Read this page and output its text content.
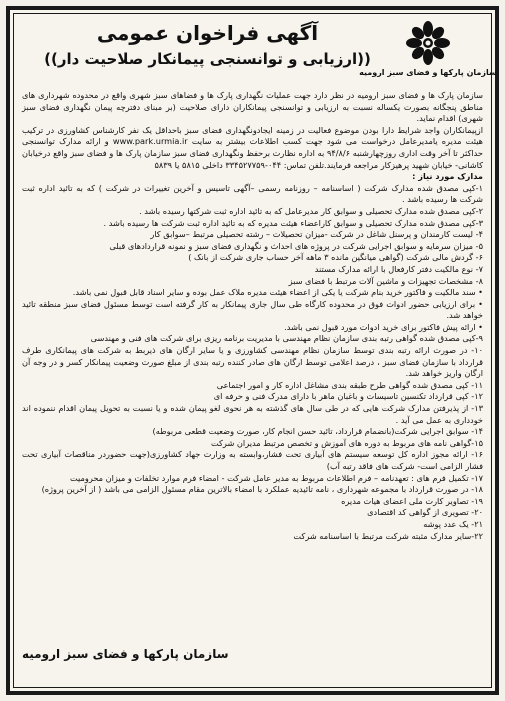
سازمان پارکها و فضای سبز ارومیه
آگهی فراخوان عمومی
((ارزیابی و توانسنجی پیمانکار صلاحیت دار))

سازمان پارک ها و فضای سبز ارومیه در نظر دارد جهت عملیات نگهداری پارک ها و فضاهای سبز شهری واقع در محدوده شهرداری های مناطق پنجگانه بصورت یکساله نسبت به ارزیابی و توانسنجی پیمانکاران دارای صلاحیت (بر مبنای دفترچه پیمان نگهداری فضای سبز شهری) اقدام نماید.

ازپیمانکاران واجد شرایط دارا بودن موضوع فعالیت در زمینه ایجادونگهداری فضای سبز باحداقل یک نفر کارشناس کشاورزی در ترکیب هیئت مدیره یامدیرعامل درخواست می شود جهت کسب اطلاعات بیشتر به سایت www.park.urmia.ir و ارائه مدارک توانسنجی حداکثر تا آخر وقت اداری روزچهارشنبه ۹۴/۸/۶ به اداره نظارت برحفظ ونگهداری فضای سبز سازمان پارک ها و فضای سبز واقع درخیابان کاشانی- خیابان شهید پرهیزکار مراجعه فرمایند.تلفن تماس: ۰۴۴-۳۳۴۵۲۷۷۵۹ داخلی ۵۸۱۵ یا ۵۸۳۹

مدارک مورد نیاز :

۱-کپی مصدق شده مدارک شرکت ( اساسنامه – روزنامه رسمی –آگهی تاسیس و آخرین تغییرات در شرکت ) که به تائید اداره ثبت شرکت ها رسیده باشد .

۲-کپی مصدق شده مدارک تحصیلی و سوابق کار مدیرعامل که به تائید اداره ثبت شرکتها رسیده باشد .

۳-کپی مصدق شده مدارک تحصیلی و سوابق کاراعضاء هیئت مدیره که به تائید اداره ثبت شرکت ها رسیده باشد .

۴- لیست کارمندان و پرسنل شاغل در شرکت -میزان تحصیلات – رشته تحصیلی مرتبط –سوابق کار

۵- میزان سرمایه و سوابق اجرایی شرکت در پروژه های احداث و نگهداری فضای سبز و نمونه قراردادهای قبلی

۶- گردش مالی شرکت (گواهی میانگین مانده ۳ ماهه آخر حساب جاری شرکت از بانک )

۷- نوع مالکیت دفتر کارفعال با ارائه مدارک مستند

۸- مشخصات تجهیزات و ماشین آلات مرتبط با فضای سبز

• سند مالکیت و فاکتور خرید بنام شرکت یا یکی از اعضاء هیئت مدیره ملاک عمل بوده و سایر اسناد قابل قبول نمی باشد.

• برای ارزیابی حضور ادوات فوق در محدوده کارگاه طی سال جاری پیمانکار به کار گرفته است توسط مسئول فضای سبز منطقه تائید خواهد شد.

• ارائه پیش فاکتور برای خرید ادوات مورد قبول نمی باشد.

۹-کپی مصدق شده گواهی رتبه بندی سازمان نظام مهندسی با مدیریت برنامه ریزی برای شرکت های فنی و مهندسی

۱۰- در صورت ارائه رتبه بندی توسط سازمان نظام مهندسی کشاورزی و یا سایر ارگان های ذیربط به شرکت های پیمانکاری طرف قرارداد با سازمان فضای سبز ، درصد اعلامی توسط ارگان های صادر کننده رتبه بندی از مبلغ صورت وضعیت پیمانکار کسر و در وجه آن ارگان واریز خواهد شد.

۱۱- کپی مصدق شده گواهی طرح طبقه بندی مشاغل اداره کار و امور اجتماعی

۱۲- کپی قرارداد تکنسین تاسیسات و باغبان ماهر با دارای مدرک فنی و حرفه ای

۱۳- از پذیرفتن مدارک شرکت هایی که در طی سال های گذشته به هر نحوی لغو پیمان شده و یا نسبت به تحویل پیمان اقدام ننموده اند خودداری به عمل می آید .

۱۴- سوابق اجرایی شرکت(بانضمام قرارداد، تائید حسن انجام کار، صورت وضعیت قطعی مربوطه)

۱۵-گواهی نامه های مربوط به دوره های آموزش و تخصص مرتبط مدیران شرکت

۱۶- ارائه مجوز اداره کل توسعه سیستم های آبیاری تحت فشار،وابسته به وزارت جهاد کشاورزی(جهت حضوردر مناقصات آبیاری تحت فشار الزامی است- شرکت های فاقد رتبه آب)

۱۷- تکمیل فرم های : تعهدنامه – فرم اطلاعات مربوط به مدیر عامل شرکت - امضاء فرم موارد تخلفات و میزان محرومیت

۱۸- در صورت قرارداد با مجموعه شهرداری ، نامه تائیدیه عملکرد با امضاء بالاترین مقام مسئول الزامی می باشد ( از آخرین پروژه)

۱۹- تصاویر کارت ملی اعضای هیات مدیره

۲۰- تصویری از گواهی کد اقتصادی

۲۱- یک عدد پوشه

۲۲-سایر مدارک مثبته شرکت مرتبط با اساسنامه شرکت

سازمان پارکها و فضای سبز ارومیه
